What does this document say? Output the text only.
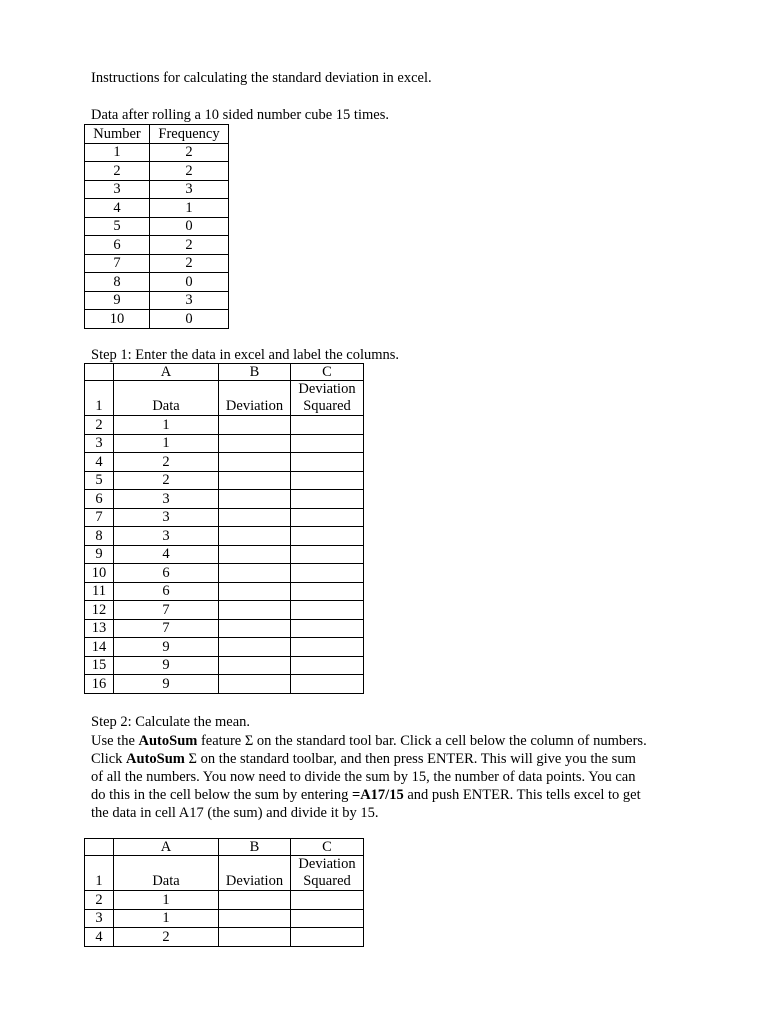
Instructions for calculating the standard deviation in excel.
Data after rolling a 10 sided number cube 15 times.
Number	Frequency
1	2
2	2
3	3
4	1
5	0
6	2
7	2
8	0
9	3
10	0
Step 1: Enter the data in excel and label the columns.
	A	B	C
1	Data	Deviation	Deviation
Squared

2	1		
3	1		
4	2		
5	2		
6	3		
7	3		
8	3		
9	4		
10	6		
11	6		
12	7		
13	7		
14	9		
15	9		
16	9		
Step 2: Calculate the mean.

Use the AutoSum feature Σ on the standard tool bar. Click a cell below the column of numbers.

Click AutoSum Σ on the standard toolbar, and then press ENTER. This will give you the sum

of all the numbers. You now need to divide the sum by 15, the number of data points. You can

do this in the cell below the sum by entering =A17/15 and push ENTER. This tells excel to get

the data in cell A17 (the sum) and divide it by 15.

	A	B	C
1	Data	Deviation	Deviation
Squared

2	1		
3	1		
4	2		
